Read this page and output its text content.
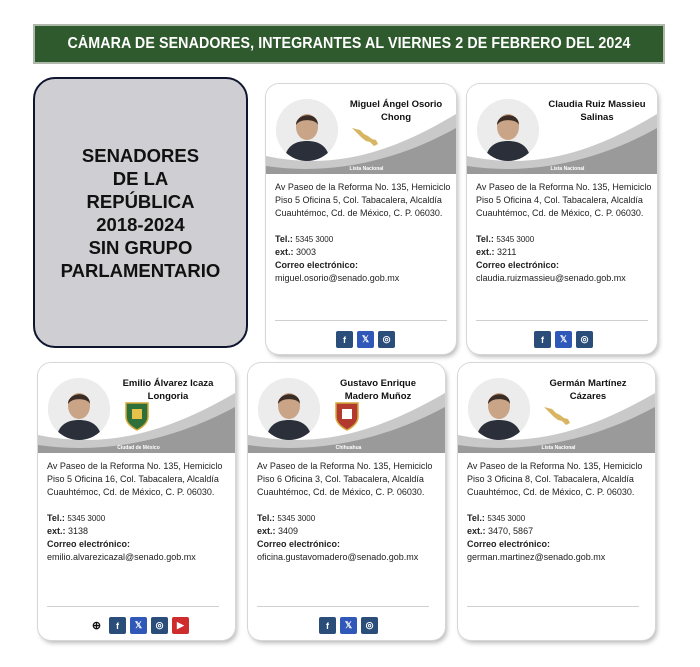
CÁMARA DE SENADORES, INTEGRANTES AL VIERNES 2 DE FEBRERO DEL 2024
SENADORES
DE LA
REPÚBLICA
2018-2024
SIN GRUPO
PARLAMENTARIO
Miguel Ángel Osorio Chong
Lista Nacional
Av Paseo de la Reforma No. 135, Hemiciclo Piso 5 Oficina 5, Col. Tabacalera, Alcaldía Cuauhtémoc, Cd. de México, C. P. 06030.
Tel.: 5345 3000
ext.: 3003
Correo electrónico:
miguel.osorio@senado.gob.mx
f	𝕏	◎
Claudia Ruiz Massieu Salinas
Lista Nacional
Av Paseo de la Reforma No. 135, Hemiciclo Piso 5 Oficina 4, Col. Tabacalera, Alcaldía Cuauhtémoc, Cd. de México, C. P. 06030.
Tel.: 5345 3000
ext.: 3211
Correo electrónico:
claudia.ruizmassieu@senado.gob.mx
f	𝕏	◎
Emilio Álvarez Icaza Longoria
Ciudad de México
Av Paseo de la Reforma No. 135, Hemiciclo Piso 5 Oficina 16, Col. Tabacalera, Alcaldía Cuauhtémoc, Cd. de México, C. P. 06030.
Tel.: 5345 3000
ext.: 3138
Correo electrónico:
emilio.alvarezicazal@senado.gob.mx
⊕	f	𝕏	◎	▶
Gustavo Enrique Madero Muñoz
Chihuahua
Av Paseo de la Reforma No. 135, Hemiciclo Piso 6 Oficina 3, Col. Tabacalera, Alcaldía Cuauhtémoc, Cd. de México, C. P. 06030.
Tel.: 5345 3000
ext.: 3409
Correo electrónico:
oficina.gustavomadero@senado.gob.mx
f	𝕏	◎
Germán Martínez Cázares
Lista Nacional
Av Paseo de la Reforma No. 135, Hemiciclo Piso 3 Oficina 8, Col. Tabacalera, Alcaldía Cuauhtémoc, Cd. de México, C. P. 06030.
Tel.: 5345 3000
ext.: 3470, 5867
Correo electrónico:
german.martinez@senado.gob.mx
